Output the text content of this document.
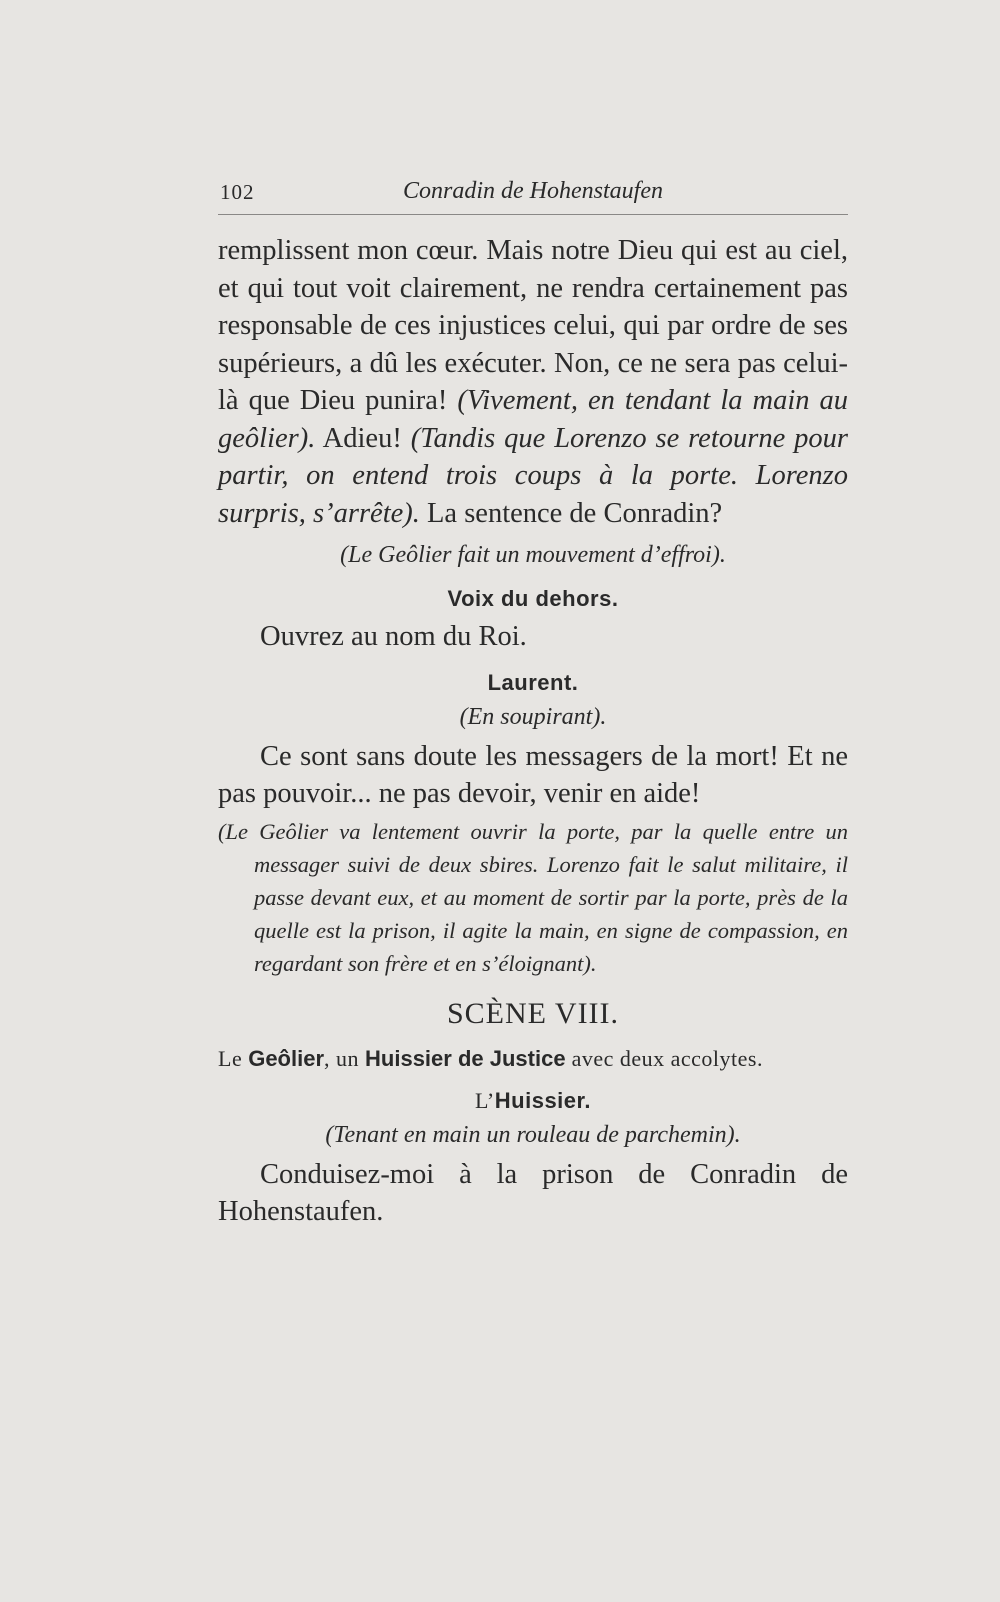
102	Conradin de Hohenstaufen

remplissent mon cœur. Mais notre Dieu qui est au ciel, et qui tout voit clairement, ne rendra certainement pas responsable de ces injustices celui, qui par ordre de ses supérieurs, a dû les exécuter. Non, ce ne sera pas celui-là que Dieu punira! (Vivement, en tendant la main au geôlier). Adieu! (Tandis que Lorenzo se retourne pour partir, on entend trois coups à la porte. Lorenzo surpris, s’arrête). La sentence de Conradin?

(Le Geôlier fait un mouvement d’effroi).

Voix du dehors.

Ouvrez au nom du Roi.

Laurent.

(En soupirant).

Ce sont sans doute les messagers de la mort! Et ne pas pouvoir... ne pas devoir, venir en aide!

(Le Geôlier va lentement ouvrir la porte, par la quelle entre un messager suivi de deux sbires. Lorenzo fait le salut militaire, il passe devant eux, et au moment de sortir par la porte, près de la quelle est la prison, il agite la main, en signe de compassion, en regardant son frère et en s’éloignant).

SCÈNE VIII.

Le Geôlier, un Huissier de Justice avec deux accolytes.

L’Huissier.

(Tenant en main un rouleau de parchemin).

Conduisez-moi à la prison de Conradin de Hohenstaufen.
